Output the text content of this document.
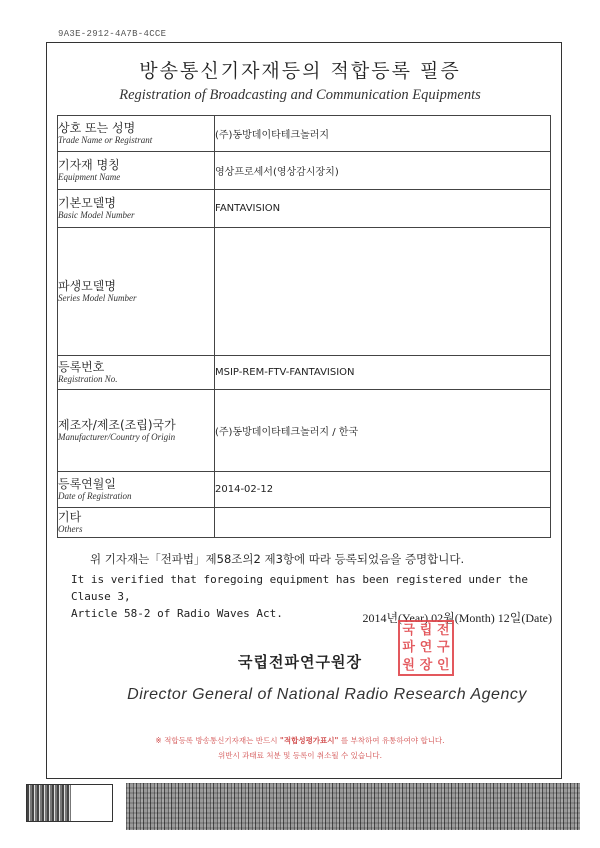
9A3E-2912-4A7B-4CCE
방송통신기자재등의 적합등록 필증
Registration of Broadcasting and Communication Equipments
상호 또는 성명
Trade Name or Registrant	(주)동방데이타테크놀러지

기자재 명칭
Equipment Name	영상프로세서(영상감시장치)

기본모델명
Basic Model Number	FANTAVISION

파생모델명
Series Model Number	

등록번호
Registration No.	MSIP-REM-FTV-FANTAVISION

제조자/제조(조립)국가
Manufacturer/Country of Origin	(주)동방데이타테크놀러지 / 한국

등록연월일
Date of Registration	2014-02-12

기타
Others	

위 기자재는「전파법」제58조의2 제3항에 따라 등록되었음을 증명합니다.
It is verified that foregoing equipment has been registered under the Clause 3,
Article 58-2 of Radio Waves Act.	2014년(Year) 02월(Month) 12일(Date)
국립전파연구원장
국 립 전
파 연 구
원 장 인
Director General of National Radio Research Agency
※ 적합등록 방송통신기자재는 반드시 "적합성평가표시" 를 부착하여 유통하여야 합니다.
위반시 과태료 처분 및 등록이 취소될 수 있습니다.
